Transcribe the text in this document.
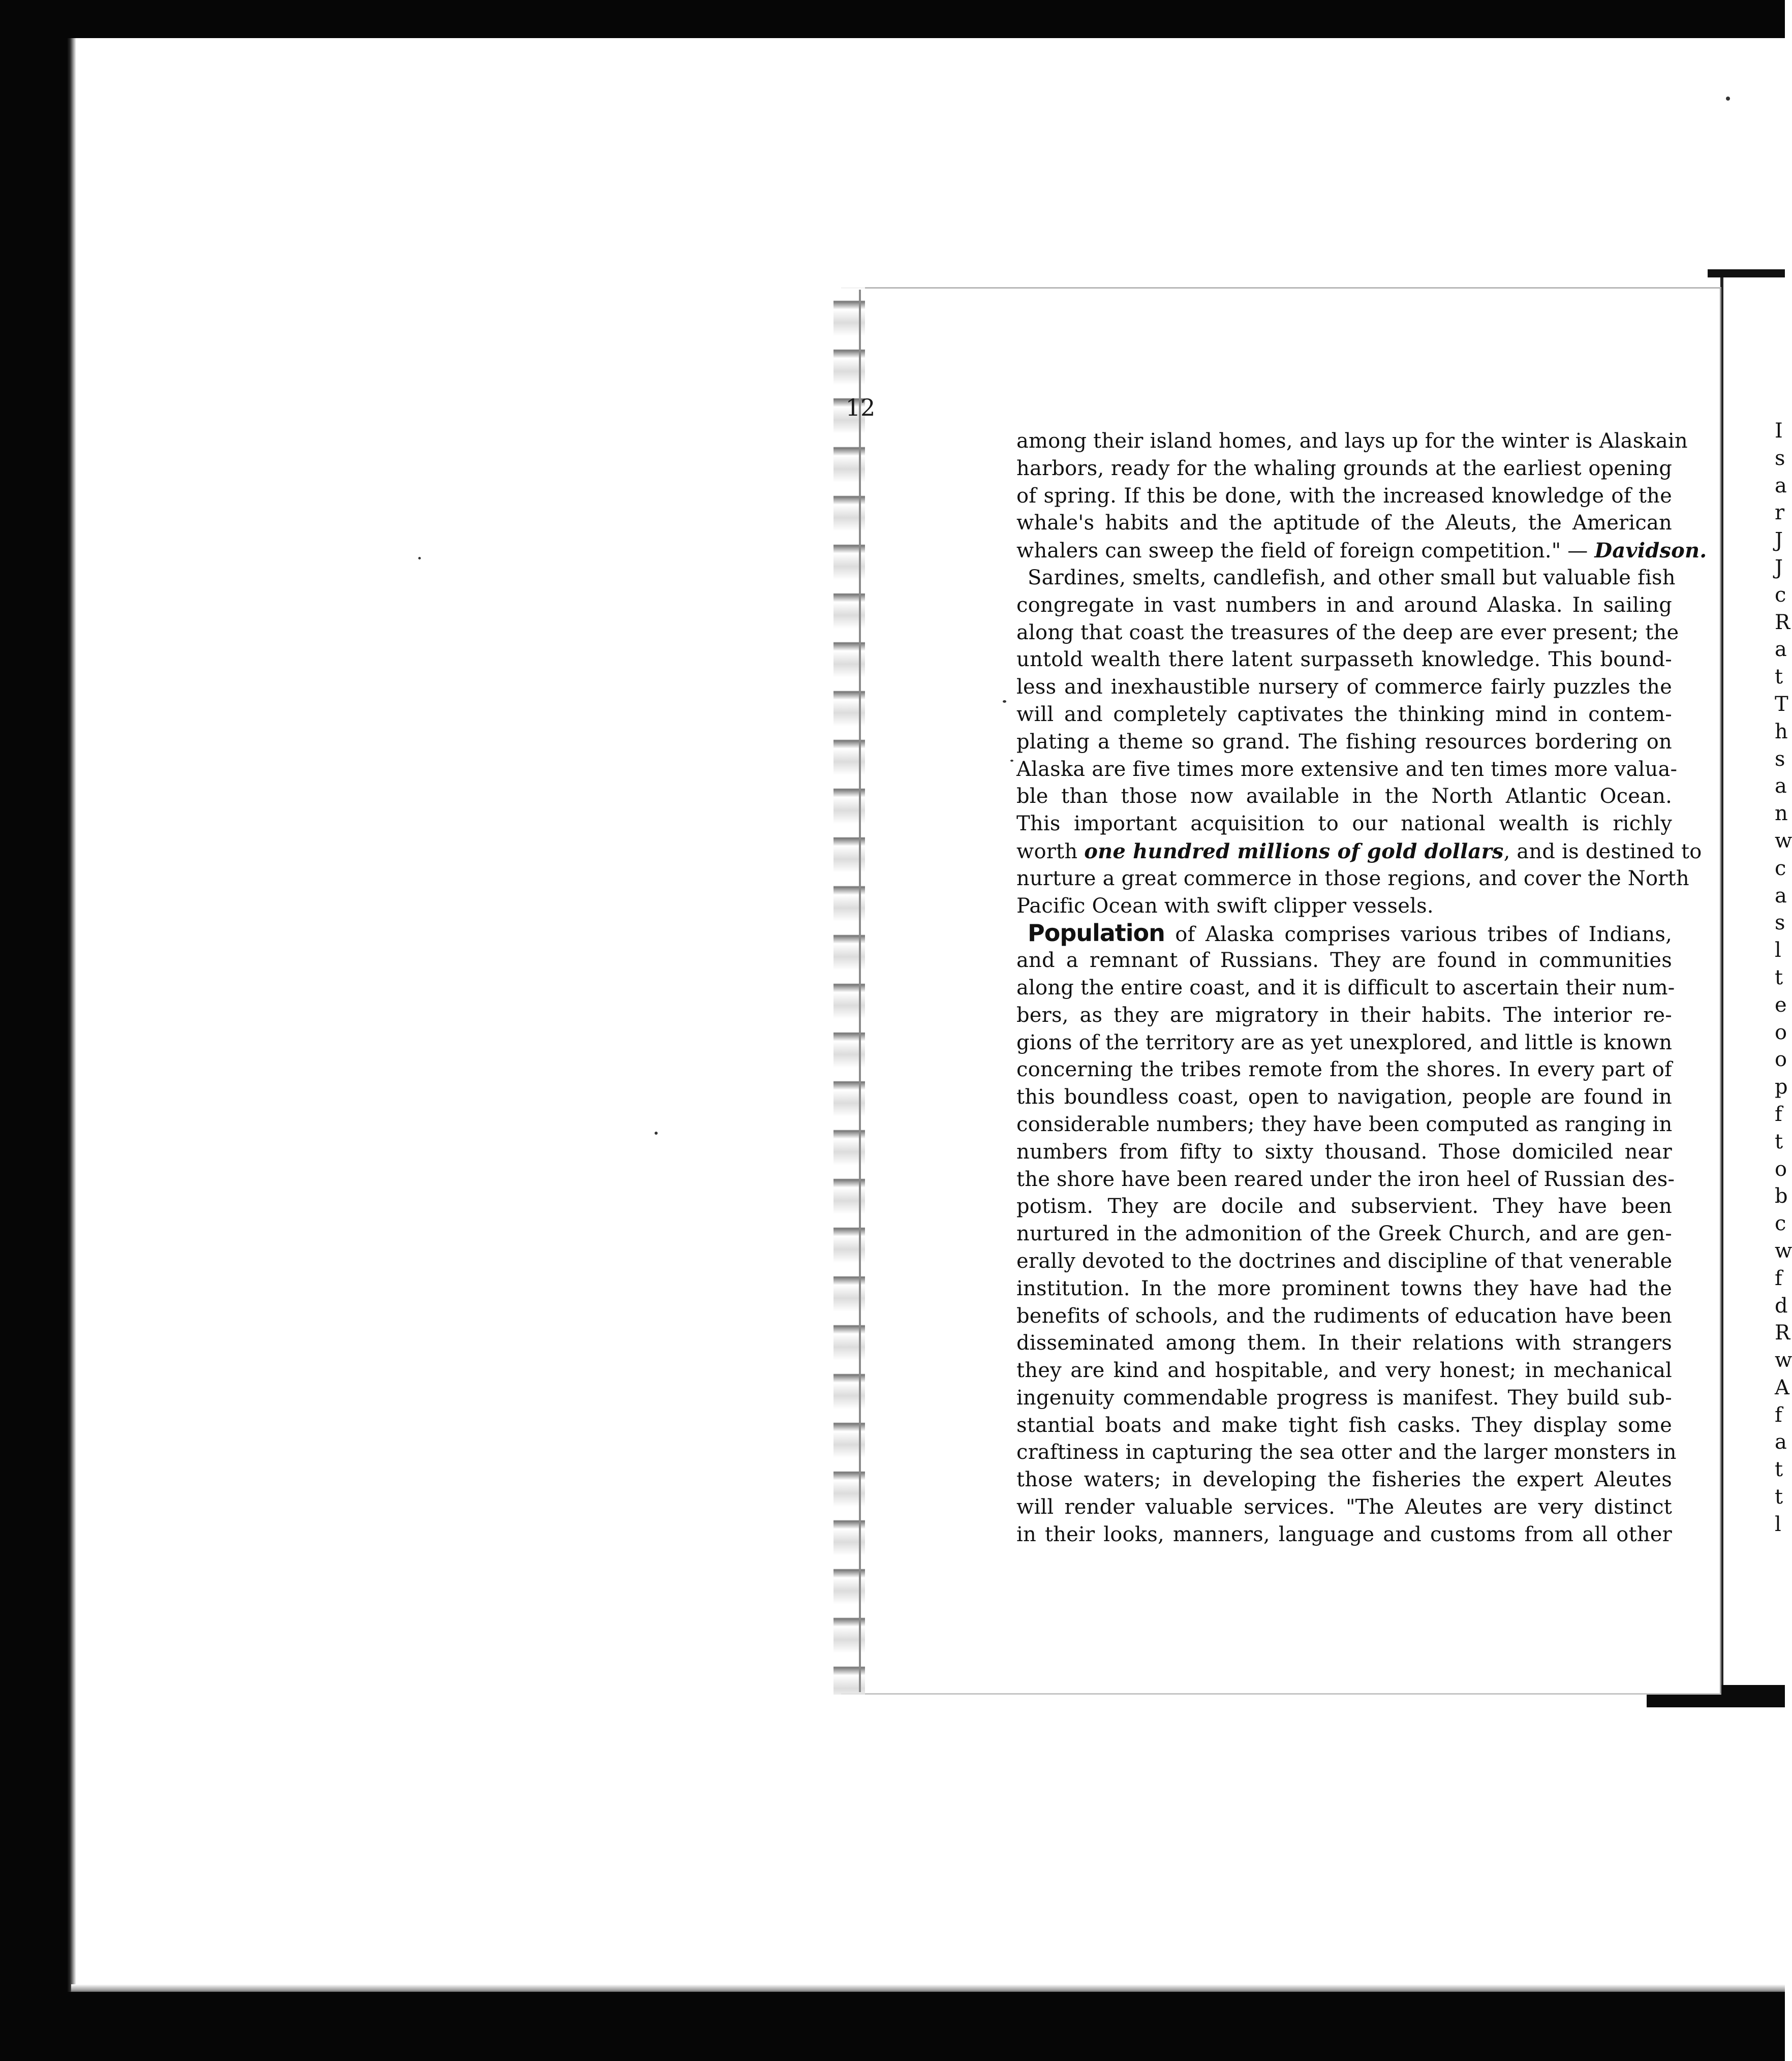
I
s
a
r
J
J
c
R
a
t
T
h
s
a
n
w
c
a
s
l
t
e
o
o
p
f
t
o
b
c
w
f
d
R
w
A
f
a
t
t
l
12
among their island homes, and lays up for the winter is Alaskain
harbors, ready for the whaling grounds at the earliest opening
of spring. If this be done, with the increased knowledge of the
whale's habits and the aptitude of the Aleuts, the American
whalers can sweep the field of foreign competition." — Davidson.
Sardines, smelts, candlefish, and other small but valuable fish
congregate in vast numbers in and around Alaska. In sailing
along that coast the treasures of the deep are ever present; the
untold wealth there latent surpasseth knowledge. This bound-
less and inexhaustible nursery of commerce fairly puzzles the
will and completely captivates the thinking mind in contem-
plating a theme so grand. The fishing resources bordering on
Alaska are five times more extensive and ten times more valua-
ble than those now available in the North Atlantic Ocean.
This important acquisition to our national wealth is richly
worth one hundred millions of gold dollars, and is destined to
nurture a great commerce in those regions, and cover the North
Pacific Ocean with swift clipper vessels.
Population of Alaska comprises various tribes of Indians,
and a remnant of Russians. They are found in communities
along the entire coast, and it is difficult to ascertain their num-
bers, as they are migratory in their habits. The interior re-
gions of the territory are as yet unexplored, and little is known
concerning the tribes remote from the shores. In every part of
this boundless coast, open to navigation, people are found in
considerable numbers; they have been computed as ranging in
numbers from fifty to sixty thousand. Those domiciled near
the shore have been reared under the iron heel of Russian des-
potism. They are docile and subservient. They have been
nurtured in the admonition of the Greek Church, and are gen-
erally devoted to the doctrines and discipline of that venerable
institution. In the more prominent towns they have had the
benefits of schools, and the rudiments of education have been
disseminated among them. In their relations with strangers
they are kind and hospitable, and very honest; in mechanical
ingenuity commendable progress is manifest. They build sub-
stantial boats and make tight fish casks. They display some
craftiness in capturing the sea otter and the larger monsters in
those waters; in developing the fisheries the expert Aleutes
will render valuable services. "The Aleutes are very distinct
in their looks, manners, language and customs from all other
